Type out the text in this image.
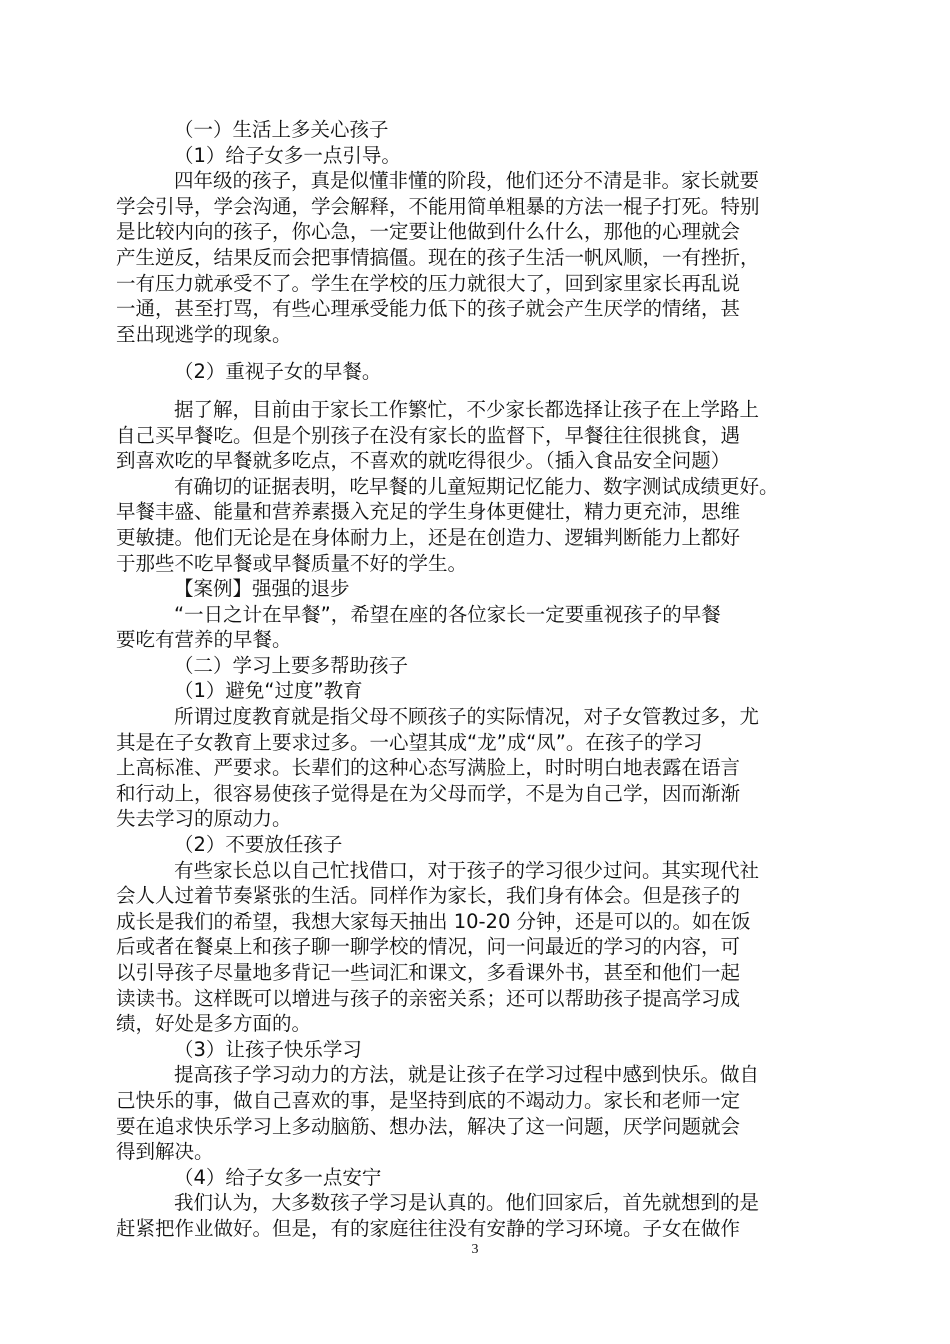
（一）生活上多关心孩子
（1）给子女多一点引导。
四年级的孩子，真是似懂非懂的阶段，他们还分不清是非。家长就要
学会引导，学会沟通，学会解释，不能用简单粗暴的方法一棍子打死。特别
是比较内向的孩子，你心急，一定要让他做到什么什么，那他的心理就会
产生逆反，结果反而会把事情搞僵。现在的孩子生活一帆风顺，一有挫折，
一有压力就承受不了。学生在学校的压力就很大了，回到家里家长再乱说
一通，甚至打骂，有些心理承受能力低下的孩子就会产生厌学的情绪，甚
至出现逃学的现象。
（2）重视子女的早餐。
据了解，目前由于家长工作繁忙，不少家长都选择让孩子在上学路上
自己买早餐吃。但是个别孩子在没有家长的监督下，早餐往往很挑食，遇
到喜欢吃的早餐就多吃点，不喜欢的就吃得很少。（插入食品安全问题）
有确切的证据表明，吃早餐的儿童短期记忆能力、数字测试成绩更好。
早餐丰盛、能量和营养素摄入充足的学生身体更健壮，精力更充沛，思维
更敏捷。他们无论是在身体耐力上，还是在创造力、逻辑判断能力上都好
于那些不吃早餐或早餐质量不好的学生。
【案例】强强的退步
“一日之计在早餐”，希望在座的各位家长一定要重视孩子的早餐
要吃有营养的早餐。
（二）学习上要多帮助孩子
（1）避免“过度”教育
所谓过度教育就是指父母不顾孩子的实际情况，对子女管教过多，尤
其是在子女教育上要求过多。一心望其成“龙”成“凤”。在孩子的学习
上高标准、严要求。长辈们的这种心态写满脸上，时时明白地表露在语言
和行动上，很容易使孩子觉得是在为父母而学，不是为自己学，因而渐渐
失去学习的原动力。
（2）不要放任孩子
有些家长总以自己忙找借口，对于孩子的学习很少过问。其实现代社
会人人过着节奏紧张的生活。同样作为家长，我们身有体会。但是孩子的
成长是我们的希望，我想大家每天抽出 10-20 分钟，还是可以的。如在饭
后或者在餐桌上和孩子聊一聊学校的情况，问一问最近的学习的内容，可
以引导孩子尽量地多背记一些词汇和课文，多看课外书，甚至和他们一起
读读书。这样既可以增进与孩子的亲密关系；还可以帮助孩子提高学习成
绩，好处是多方面的。
（3）让孩子快乐学习
提高孩子学习动力的方法，就是让孩子在学习过程中感到快乐。做自
己快乐的事，做自己喜欢的事，是坚持到底的不竭动力。家长和老师一定
要在追求快乐学习上多动脑筋、想办法，解决了这一问题，厌学问题就会
得到解决。
（4）给子女多一点安宁
我们认为，大多数孩子学习是认真的。他们回家后，首先就想到的是
赶紧把作业做好。但是，有的家庭往往没有安静的学习环境。子女在做作
3
